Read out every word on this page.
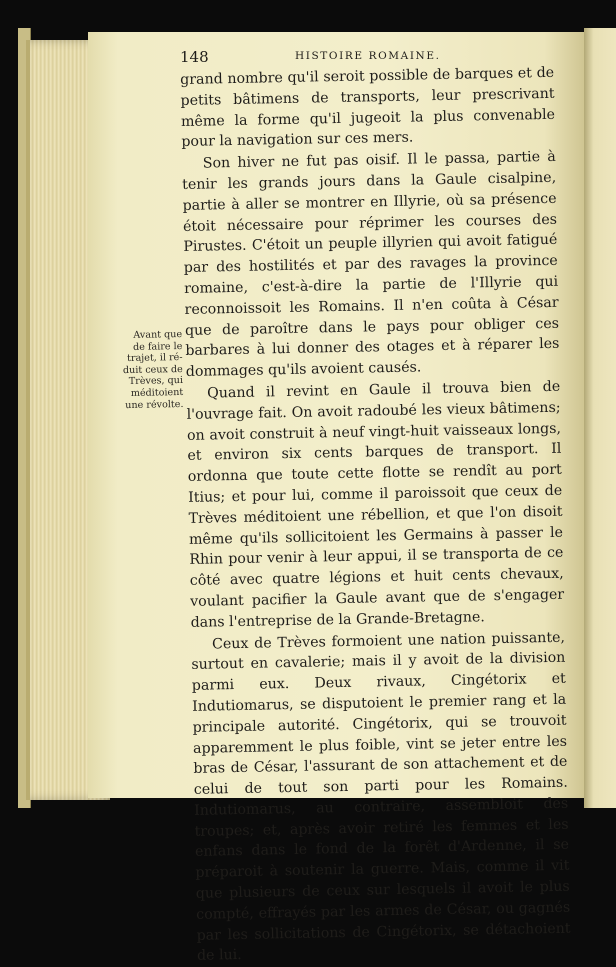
148	HISTOIRE ROMAINE.
Avant que
de faire le
trajet, il ré-
duit ceux de
Trèves, qui
méditoient
une révolte.

grand nombre qu'il seroit possible de barques et de petits bâtimens de transports, leur prescrivant même la forme qu'il jugeoit la plus convenable pour la navigation sur ces mers.

Son hiver ne fut pas oisif. Il le passa, partie à tenir les grands jours dans la Gaule cisalpine, partie à aller se montrer en Illyrie, où sa présence étoit nécessaire pour réprimer les courses des Pirustes. C'étoit un peuple illyrien qui avoit fatigué par des hostilités et par des ravages la province romaine, c'est-à-dire la partie de l'Illyrie qui reconnoissoit les Romains. Il n'en coûta à César que de paroître dans le pays pour obliger ces barbares à lui donner des otages et à réparer les dommages qu'ils avoient causés.

Quand il revint en Gaule il trouva bien de l'ouvrage fait. On avoit radoubé les vieux bâtimens; on avoit construit à neuf vingt-huit vaisseaux longs, et environ six cents barques de transport. Il ordonna que toute cette flotte se rendît au port Itius; et pour lui, comme il paroissoit que ceux de Trèves méditoient une rébellion, et que l'on disoit même qu'ils sollicitoient les Germains à passer le Rhin pour venir à leur appui, il se transporta de ce côté avec quatre légions et huit cents chevaux, voulant pacifier la Gaule avant que de s'engager dans l'entreprise de la Grande-Bretagne.

Ceux de Trèves formoient une nation puissante, surtout en cavalerie; mais il y avoit de la division parmi eux. Deux rivaux, Cingétorix et Indutiomarus, se disputoient le premier rang et la principale autorité. Cingétorix, qui se trouvoit apparemment le plus foible, vint se jeter entre les bras de César, l'assurant de son attachement et de celui de tout son parti pour les Romains. Indutiomarus, au contraire, assembloit des troupes; et, après avoir retiré les femmes et les enfans dans le fond de la forêt d'Ardenne, il se préparoit à soutenir la guerre. Mais, comme il vit que plusieurs de ceux sur lesquels il avoit le plus compté, effrayés par les armes de César, ou gagnés par les sollicitations de Cingétorix, se détachoient de lui.
